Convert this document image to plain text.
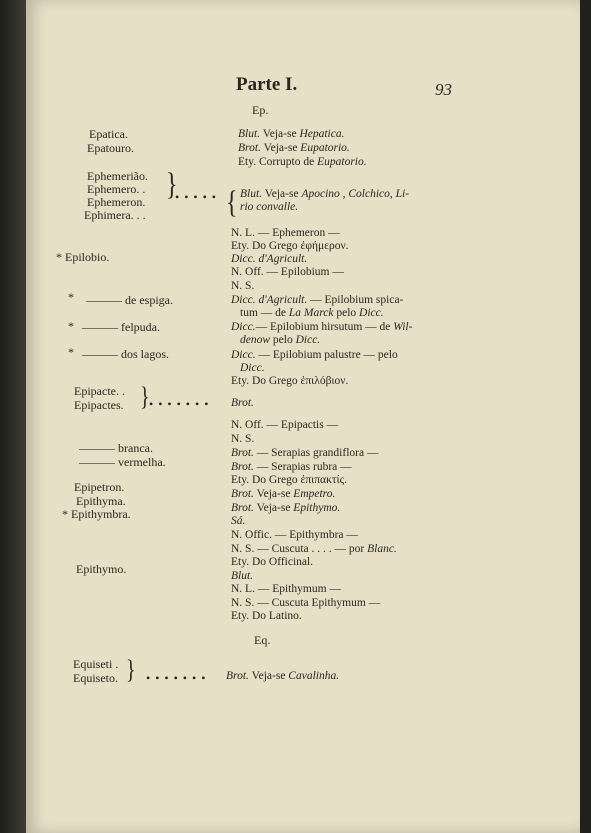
Parte I.	93
Ep.
Epatica.
Epatouro.
Ephemerião.
Ephemero. .
Ephemeron.
Ephimera. . .
}
• • • • • {
* Epilobio.
* ——— de espiga.
* ——— felpuda.
* ——— dos lagos.
Epipacte. .
Epipactes. } • • • • • • •
——— branca.
——— vermelha.
Epipetron.
Epithyma.
* Epithymbra.
Epithymo.
Eq.
Equiseti .
Equiseto. } • • • • • • •
Blut. Veja-se Hepatica.
Brot. Veja-se Eupatorio.
Ety. Corrupto de Eupatorio.
Blut. Veja-se Apocino , Colchico, Li-
rio convalle.
N. L. — Ephemeron —
Ety. Do Grego ἐφήμερον.
Dicc. d'Agricult.
N. Off. — Epilobium —
N. S.
Dicc. d'Agricult. — Epilobium spica-
tum — de La Marck pelo Dicc.
Dicc.— Epilobium hirsutum — de Wil-
denow pelo Dicc.
Dicc. — Epilobium palustre — pelo
Dicc.
Ety. Do Grego ἐπιλόβιον.
Brot.
N. Off. — Epipactis —
N. S.
Brot. — Serapias grandiflora —
Brot. — Serapias rubra —
Ety. Do Grego ἐπιπακτίς.
Brot. Veja-se Empetro.
Brot. Veja-se Epithymo.
Sá.
N. Offic. — Epithymbra —
N. S. — Cuscuta . . . . — por Blanc.
Ety. Do Officinal.
Blut.
N. L. — Epithymum —
N. S. — Cuscuta Epithymum —
Ety. Do Latino.
Brot. Veja-se Cavalinha.
